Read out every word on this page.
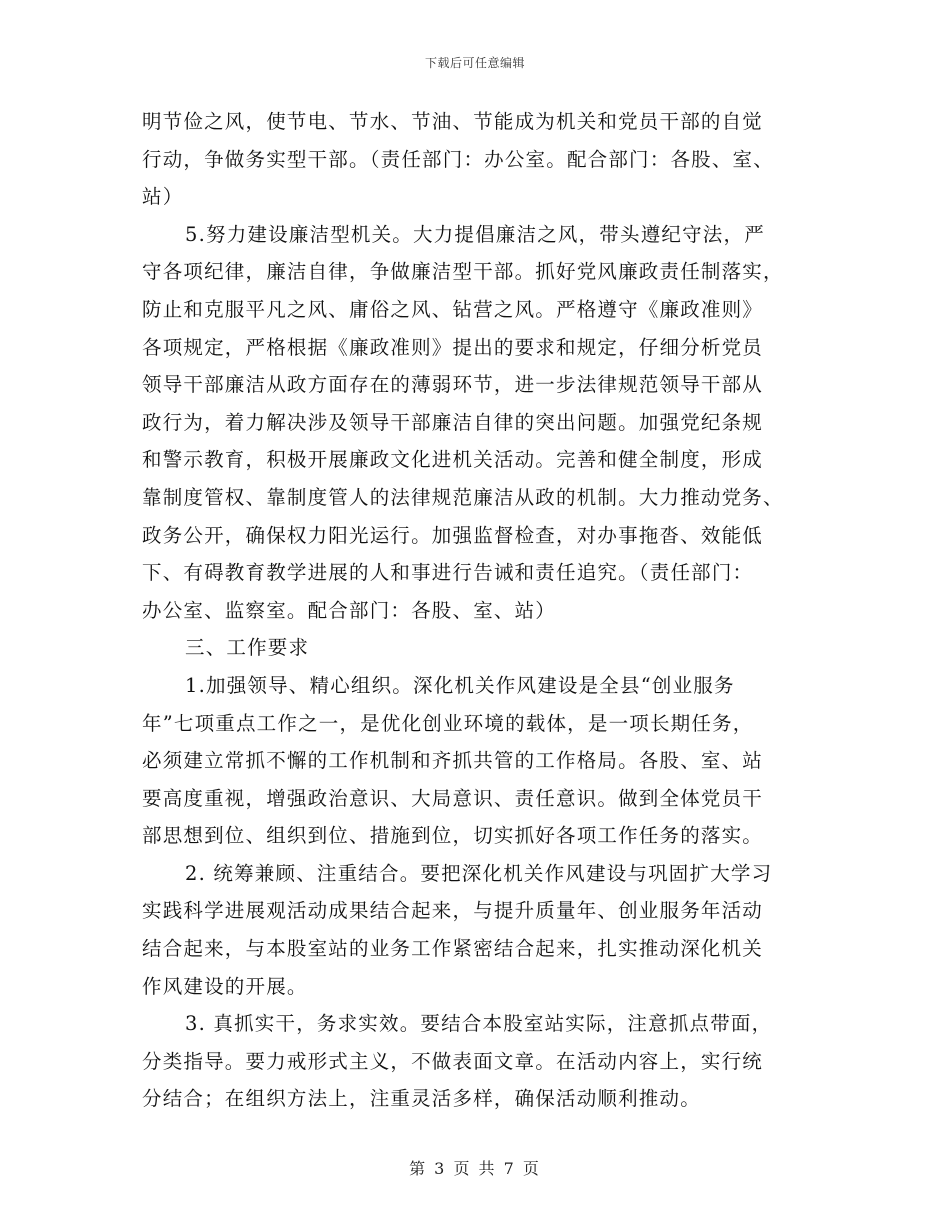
下载后可任意编辑
明节俭之风，使节电、节水、节油、节能成为机关和党员干部的自觉
行动，争做务实型干部。（责任部门：办公室。配合部门：各股、室、
站）
5.努力建设廉洁型机关。大力提倡廉洁之风，带头遵纪守法，严
守各项纪律，廉洁自律，争做廉洁型干部。抓好党风廉政责任制落实，
防止和克服平凡之风、庸俗之风、钻营之风。严格遵守《廉政准则》
各项规定，严格根据《廉政准则》提出的要求和规定，仔细分析党员
领导干部廉洁从政方面存在的薄弱环节，进一步法律规范领导干部从
政行为，着力解决涉及领导干部廉洁自律的突出问题。加强党纪条规
和警示教育，积极开展廉政文化进机关活动。完善和健全制度，形成
靠制度管权、靠制度管人的法律规范廉洁从政的机制。大力推动党务、
政务公开，确保权力阳光运行。加强监督检查，对办事拖沓、效能低
下、有碍教育教学进展的人和事进行告诫和责任追究。（责任部门：
办公室、监察室。配合部门：各股、室、站）
三、工作要求
1.加强领导、精心组织。深化机关作风建设是全县“创业服务
年”七项重点工作之一，是优化创业环境的载体，是一项长期任务，
必须建立常抓不懈的工作机制和齐抓共管的工作格局。各股、室、站
要高度重视，增强政治意识、大局意识、责任意识。做到全体党员干
部思想到位、组织到位、措施到位，切实抓好各项工作任务的落实。
2. 统筹兼顾、注重结合。要把深化机关作风建设与巩固扩大学习
实践科学进展观活动成果结合起来，与提升质量年、创业服务年活动
结合起来，与本股室站的业务工作紧密结合起来，扎实推动深化机关
作风建设的开展。
3. 真抓实干，务求实效。要结合本股室站实际，注意抓点带面，
分类指导。要力戒形式主义，不做表面文章。在活动内容上，实行统
分结合；在组织方法上，注重灵活多样，确保活动顺利推动。
第 3 页 共 7 页
